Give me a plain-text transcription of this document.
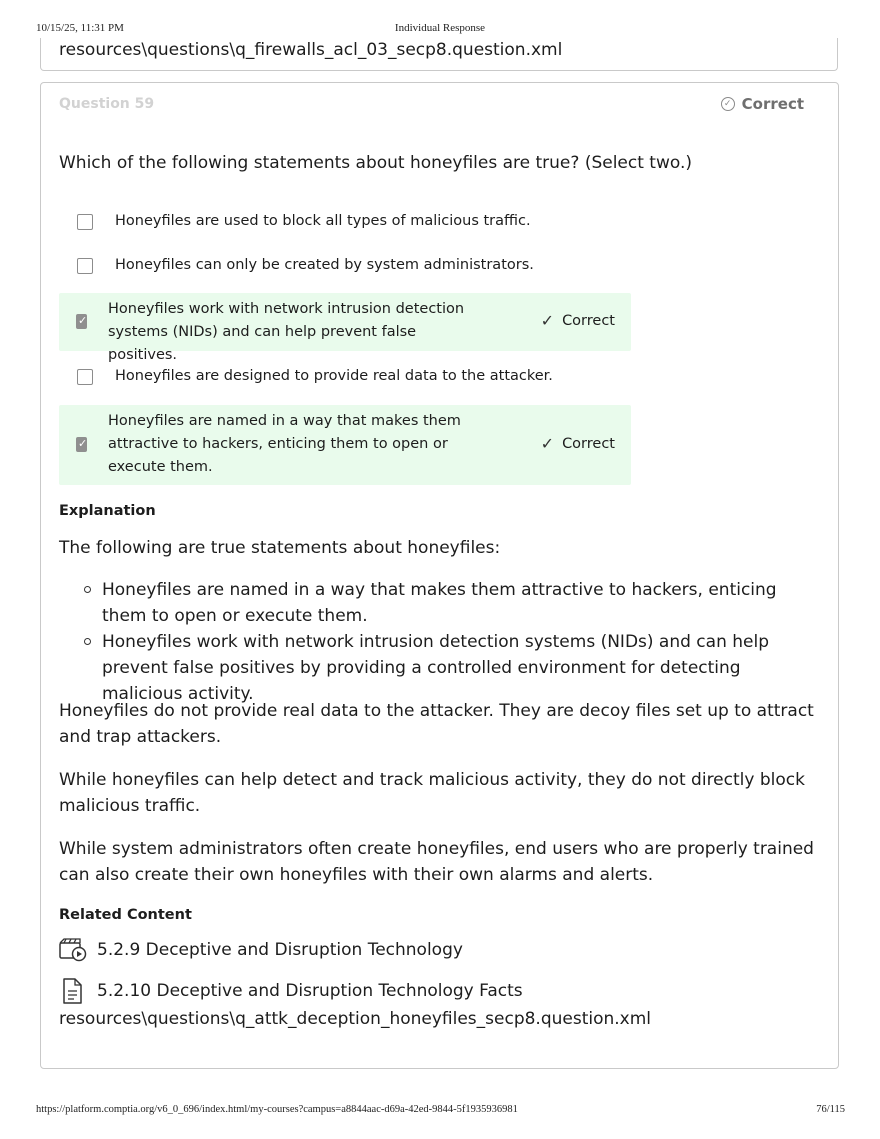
10/15/25, 11:31 PM	Individual Response
resources\questions\q_firewalls_acl_03_secp8.question.xml
Question 59	✓ Correct
Which of the following statements about honeyfiles are true? (Select two.)
Honeyfiles are used to block all types of malicious traffic.
Honeyfiles can only be created by system administrators.
✓
Honeyfiles work with network intrusion detection systems (NIDs) and can help prevent false positives.
✓ Correct
Honeyfiles are designed to provide real data to the attacker.
✓
Honeyfiles are named in a way that makes them attractive to hackers, enticing them to open or execute them.
✓ Correct
Explanation

The following are true statements about honeyfiles:

Honeyfiles are named in a way that makes them attractive to hackers, enticing them to open or execute them.
Honeyfiles work with network intrusion detection systems (NIDs) and can help prevent false positives by providing a controlled environment for detecting malicious activity.

Honeyfiles do not provide real data to the attacker. They are decoy files set up to attract and trap attackers.

While honeyfiles can help detect and track malicious activity, they do not directly block malicious traffic.

While system administrators often create honeyfiles, end users who are properly trained can also create their own honeyfiles with their own alarms and alerts.

Related Content
5.2.9 Deceptive and Disruption Technology
5.2.10 Deceptive and Disruption Technology Facts
resources\questions\q_attk_deception_honeyfiles_secp8.question.xml
https://platform.comptia.org/v6_0_696/index.html/my-courses?campus=a8844aac-d69a-42ed-9844-5f1935936981	76/115
